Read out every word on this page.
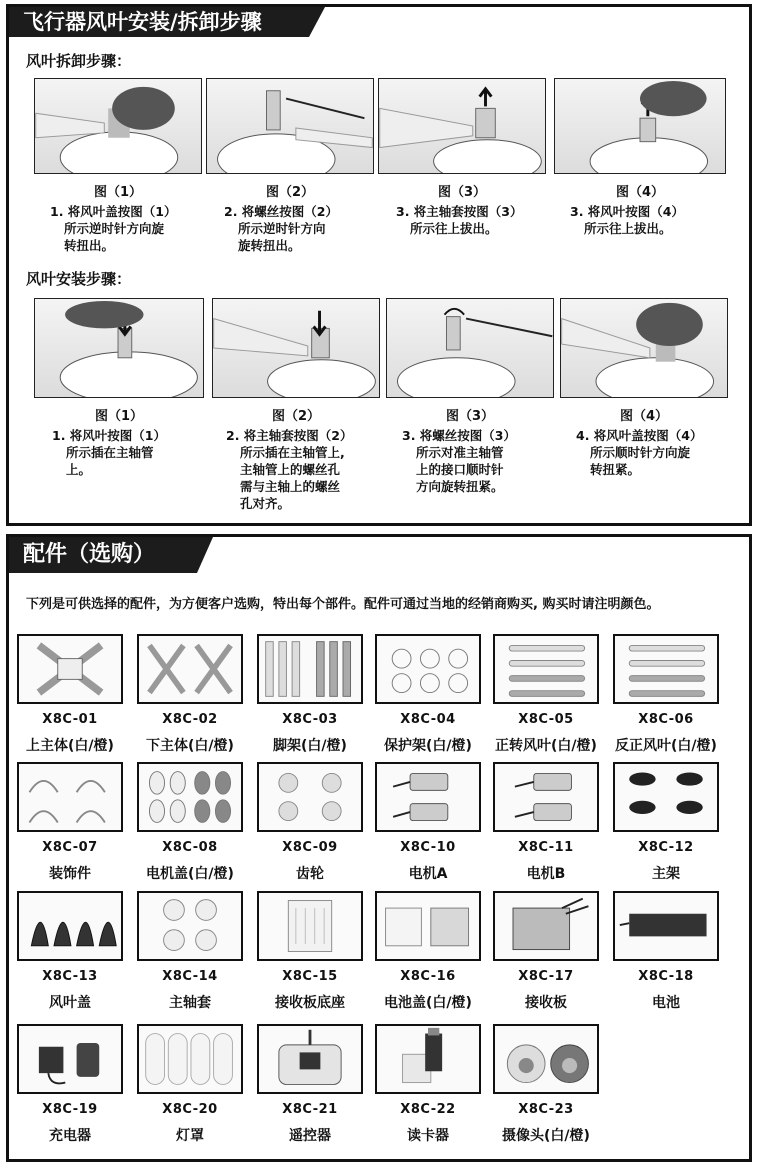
飞行器风叶安装/拆卸步骤
风叶拆卸步骤：
风叶安装步骤：
图（1）	图（2）	图（3）	图（4）
1. 将风叶盖按图（1）
所示逆时针方向旋
转扭出。
2. 将螺丝按图（2）
所示逆时针方向
旋转扭出。
3. 将主轴套按图（3）
所示往上拔出。
3. 将风叶按图（4）
所示往上拔出。
图（1）	图（2）	图（3）	图（4）
1. 将风叶按图（1）
所示插在主轴管
上。
2. 将主轴套按图（2）
所示插在主轴管上,
主轴管上的螺丝孔
需与主轴上的螺丝
孔对齐。
3. 将螺丝按图（3）
所示对准主轴管
上的接口顺时针
方向旋转扭紧。
4. 将风叶盖按图（4）
所示顺时针方向旋
转扭紧。
配件（选购）
下列是可供选择的配件，为方便客户选购，特出每个部件。配件可通过当地的经销商购买, 购买时请注明颜色。
X8C-01
上主体(白/橙)
X8C-02
下主体(白/橙)
X8C-03
脚架(白/橙)
X8C-04
保护架(白/橙)
X8C-05
正转风叶(白/橙)
X8C-06
反正风叶(白/橙)
X8C-07
装饰件
X8C-08
电机盖(白/橙)
X8C-09
齿轮
X8C-10
电机A
X8C-11
电机B
X8C-12
主架
X8C-13
风叶盖
X8C-14
主轴套
X8C-15
接收板底座
X8C-16
电池盖(白/橙)
X8C-17
接收板
X8C-18
电池
X8C-19
充电器
X8C-20
灯罩
X8C-21
遥控器
X8C-22
读卡器
X8C-23
摄像头(白/橙)
